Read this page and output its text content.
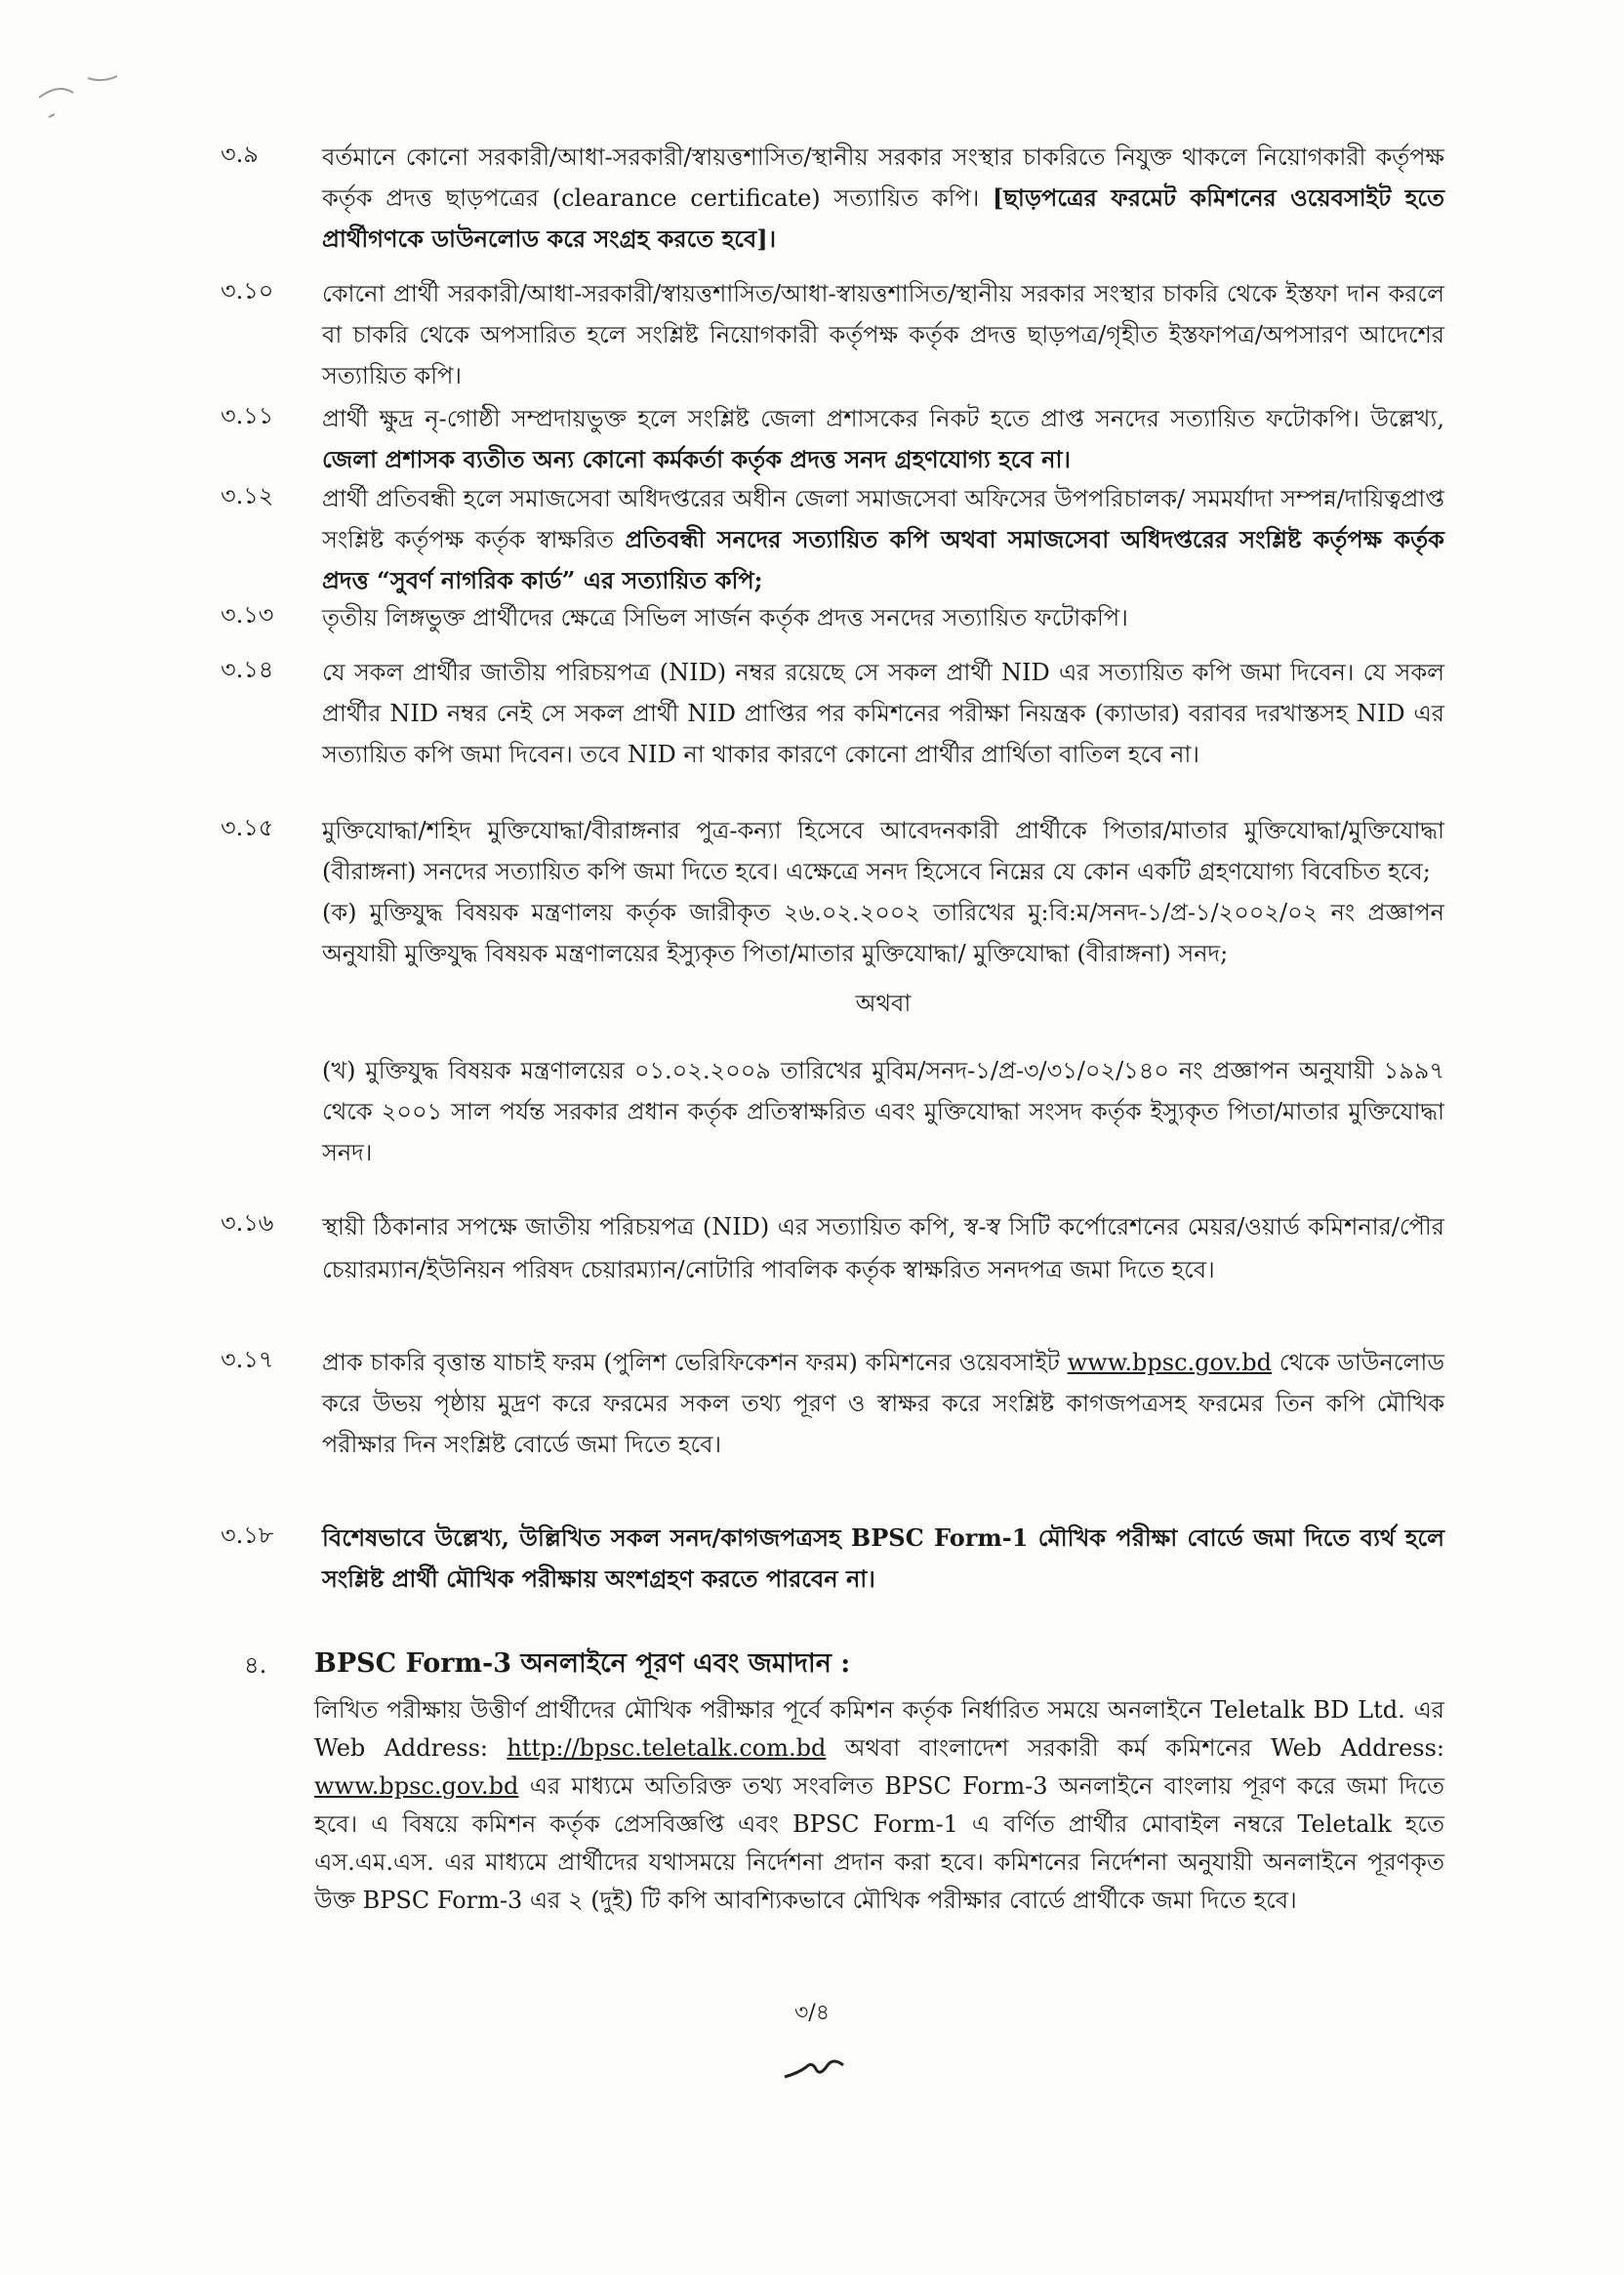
৩.৯	বর্তমানে কোনো সরকারী/আধা-সরকারী/স্বায়ত্তশাসিত/স্থানীয় সরকার সংস্থার চাকরিতে নিযুক্ত থাকলে নিয়োগকারী কর্তৃপক্ষ কর্তৃক প্রদত্ত ছাড়পত্রের (clearance certificate) সত্যায়িত কপি। [ছাড়পত্রের ফরমেট কমিশনের ওয়েবসাইট হতে প্রার্থীগণকে ডাউনলোড করে সংগ্রহ করতে হবে]।
৩.১০ কোনো প্রার্থী সরকারী/আধা-সরকারী/স্বায়ত্তশাসিত/আধা-স্বায়ত্তশাসিত/স্থানীয় সরকার সংস্থার চাকরি থেকে ইস্তফা দান করলে বা চাকরি থেকে অপসারিত হলে সংশ্লিষ্ট নিয়োগকারী কর্তৃপক্ষ কর্তৃক প্রদত্ত ছাড়পত্র/গৃহীত ইস্তফাপত্র/অপসারণ আদেশের সত্যায়িত কপি।
৩.১১ প্রার্থী ক্ষুদ্র নৃ-গোষ্ঠী সম্প্রদায়ভুক্ত হলে সংশ্লিষ্ট জেলা প্রশাসকের নিকট হতে প্রাপ্ত সনদের সত্যায়িত ফটোকপি। উল্লেখ্য, জেলা প্রশাসক ব্যতীত অন্য কোনো কর্মকর্তা কর্তৃক প্রদত্ত সনদ গ্রহণযোগ্য হবে না।
৩.১২ প্রার্থী প্রতিবন্ধী হলে সমাজসেবা অধিদপ্তরের অধীন জেলা সমাজসেবা অফিসের উপপরিচালক/ সমমর্যাদা সম্পন্ন/দায়িত্বপ্রাপ্ত সংশ্লিষ্ট কর্তৃপক্ষ কর্তৃক স্বাক্ষরিত প্রতিবন্ধী সনদের সত্যায়িত কপি অথবা সমাজসেবা অধিদপ্তরের সংশ্লিষ্ট কর্তৃপক্ষ কর্তৃক প্রদত্ত “সুবর্ণ নাগরিক কার্ড” এর সত্যায়িত কপি;
৩.১৩ তৃতীয় লিঙ্গভুক্ত প্রার্থীদের ক্ষেত্রে সিভিল সার্জন কর্তৃক প্রদত্ত সনদের সত্যায়িত ফটোকপি।
৩.১৪ যে সকল প্রার্থীর জাতীয় পরিচয়পত্র (NID) নম্বর রয়েছে সে সকল প্রার্থী NID এর সত্যায়িত কপি জমা দিবেন। যে সকল প্রার্থীর NID নম্বর নেই সে সকল প্রার্থী NID প্রাপ্তির পর কমিশনের পরীক্ষা নিয়ন্ত্রক (ক্যাডার) বরাবর দরখাস্তসহ NID এর সত্যায়িত কপি জমা দিবেন। তবে NID না থাকার কারণে কোনো প্রার্থীর প্রার্থিতা বাতিল হবে না।
৩.১৫ মুক্তিযোদ্ধা/শহিদ মুক্তিযোদ্ধা/বীরাঙ্গনার পুত্র-কন্যা হিসেবে আবেদনকারী প্রার্থীকে পিতার/মাতার মুক্তিযোদ্ধা/মুক্তিযোদ্ধা (বীরাঙ্গনা) সনদের সত্যায়িত কপি জমা দিতে হবে। এক্ষেত্রে সনদ হিসেবে নিম্নের যে কোন একটি গ্রহণযোগ্য বিবেচিত হবে;
(ক) মুক্তিযুদ্ধ বিষয়ক মন্ত্রণালয় কর্তৃক জারীকৃত ২৬.০২.২০০২ তারিখের মু:বি:ম/সনদ-১/প্র-১/২০০২/০২ নং প্রজ্ঞাপন অনুযায়ী মুক্তিযুদ্ধ বিষয়ক মন্ত্রণালয়ের ইস্যুকৃত পিতা/মাতার মুক্তিযোদ্ধা/ মুক্তিযোদ্ধা (বীরাঙ্গনা) সনদ;
অথবা
(খ) মুক্তিযুদ্ধ বিষয়ক মন্ত্রণালয়ের ০১.০২.২০০৯ তারিখের মুবিম/সনদ-১/প্র-৩/৩১/০২/১৪০ নং প্রজ্ঞাপন অনুযায়ী ১৯৯৭ থেকে ২০০১ সাল পর্যন্ত সরকার প্রধান কর্তৃক প্রতিস্বাক্ষরিত এবং মুক্তিযোদ্ধা সংসদ কর্তৃক ইস্যুকৃত পিতা/মাতার মুক্তিযোদ্ধা সনদ।
৩.১৬ স্থায়ী ঠিকানার সপক্ষে জাতীয় পরিচয়পত্র (NID) এর সত্যায়িত কপি, স্ব-স্ব সিটি কর্পোরেশনের মেয়র/ওয়ার্ড কমিশনার/পৌর চেয়ারম্যান/ইউনিয়ন পরিষদ চেয়ারম্যান/নোটারি পাবলিক কর্তৃক স্বাক্ষরিত সনদপত্র জমা দিতে হবে।
৩.১৭ প্রাক চাকরি বৃত্তান্ত যাচাই ফরম (পুলিশ ভেরিফিকেশন ফরম) কমিশনের ওয়েবসাইট www.bpsc.gov.bd থেকে ডাউনলোড করে উভয় পৃষ্ঠায় মুদ্রণ করে ফরমের সকল তথ্য পূরণ ও স্বাক্ষর করে সংশ্লিষ্ট কাগজপত্রসহ ফরমের তিন কপি মৌখিক পরীক্ষার দিন সংশ্লিষ্ট বোর্ডে জমা দিতে হবে।
৩.১৮ বিশেষভাবে উল্লেখ্য, উল্লিখিত সকল সনদ/কাগজপত্রসহ BPSC Form-1 মৌখিক পরীক্ষা বোর্ডে জমা দিতে ব্যর্থ হলে সংশ্লিষ্ট প্রার্থী মৌখিক পরীক্ষায় অংশগ্রহণ করতে পারবেন না।
৪. BPSC Form-3 অনলাইনে পূরণ এবং জমাদান :
লিখিত পরীক্ষায় উত্তীর্ণ প্রার্থীদের মৌখিক পরীক্ষার পূর্বে কমিশন কর্তৃক নির্ধারিত সময়ে অনলাইনে Teletalk BD Ltd. এর Web Address: http://bpsc.teletalk.com.bd অথবা বাংলাদেশ সরকারী কর্ম কমিশনের Web Address: www.bpsc.gov.bd এর মাধ্যমে অতিরিক্ত তথ্য সংবলিত BPSC Form-3 অনলাইনে বাংলায় পূরণ করে জমা দিতে হবে। এ বিষয়ে কমিশন কর্তৃক প্রেসবিজ্ঞপ্তি এবং BPSC Form-1 এ বর্ণিত প্রার্থীর মোবাইল নম্বরে Teletalk হতে এস.এম.এস. এর মাধ্যমে প্রার্থীদের যথাসময়ে নির্দেশনা প্রদান করা হবে। কমিশনের নির্দেশনা অনুযায়ী অনলাইনে পূরণকৃত উক্ত BPSC Form-3 এর ২ (দুই) টি কপি আবশ্যিকভাবে মৌখিক পরীক্ষার বোর্ডে প্রার্থীকে জমা দিতে হবে।
৩/৪
